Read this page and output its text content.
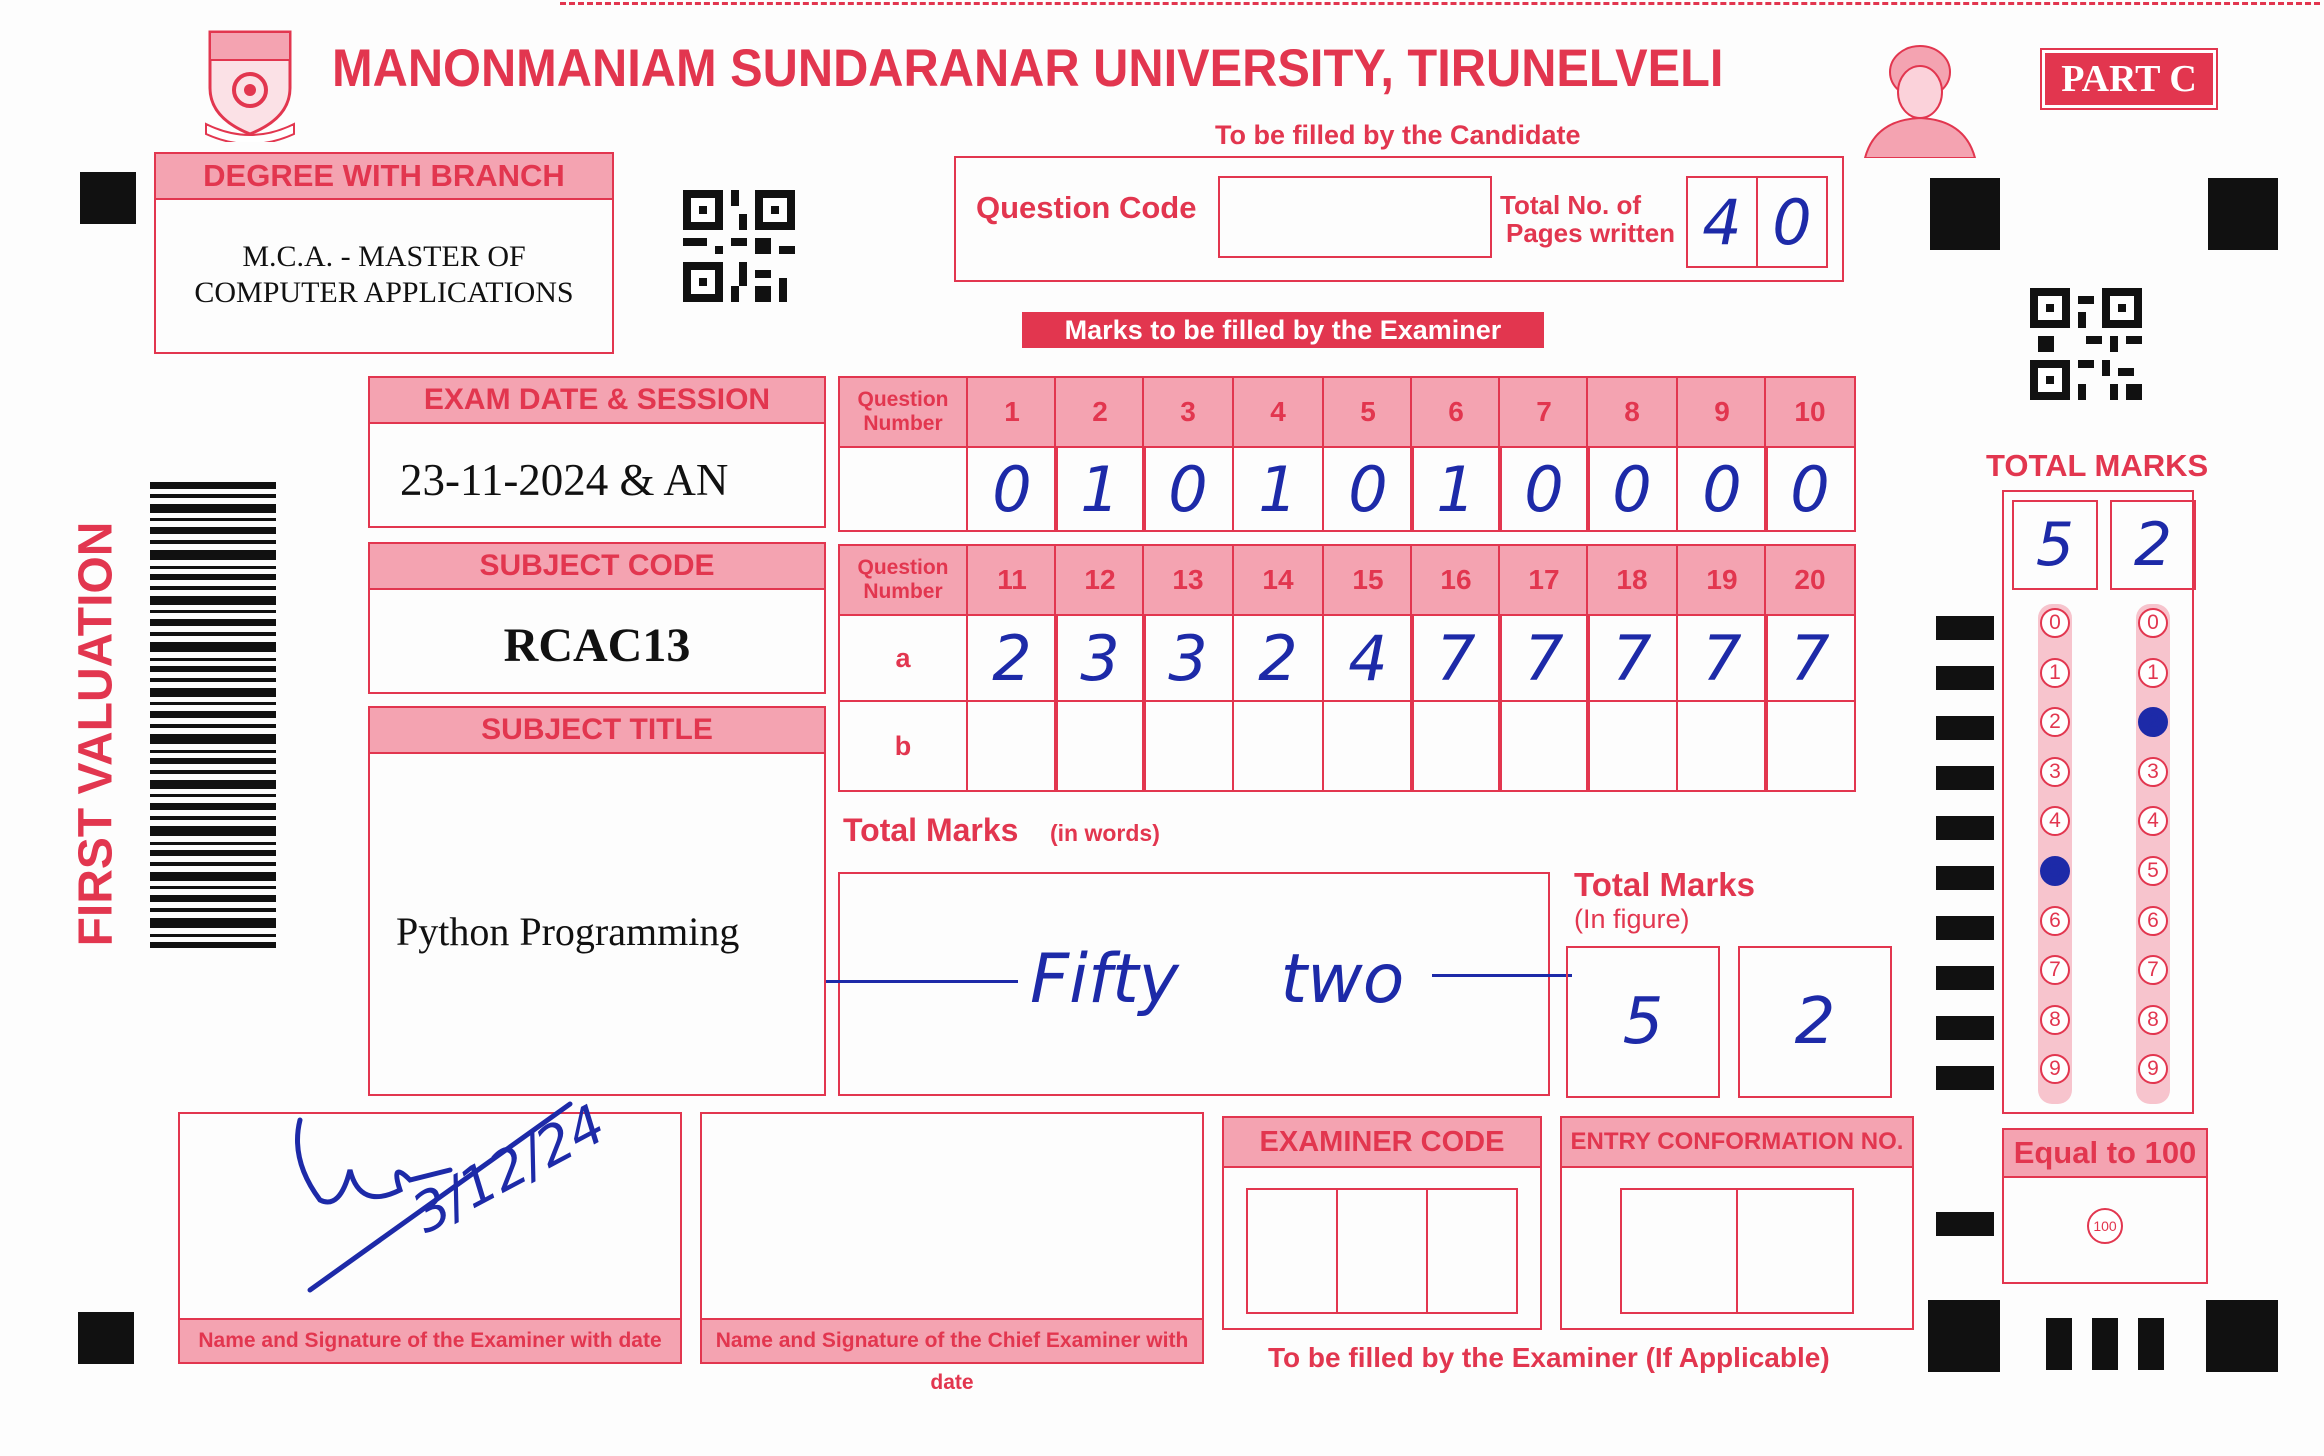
MANONMANIAM SUNDARANAR UNIVERSITY, TIRUNELVELI	PART C
To be filled by the Candidate
DEGREE WITH BRANCH
M.C.A. - MASTER OF
COMPUTER APPLICATIONS
Question Code	Total No. of
Pages written 4 0
Marks to be filled by the Examiner
FIRST VALUATION
EXAM DATE & SESSION
23-11-2024 & AN
SUBJECT CODE
RCAC13
SUBJECT TITLE
Python Programming
Question Number	1	2	3	4	5	6	7	8	9	10
0 1 0 1 0 1 0 0 0 0
Question Number	11	12	13	14	15	16	17	18	19	20
a	2 3 3 2 4 7 7 7 7 7
b
Total Marks (in words)
Fifty two
Total Marks
(In figure)
5	2
TOTAL MARKS
5 2
0
1
2
3
4
5
6
7
8
9
0
1
2
3
4
5
6
7
8
9
Equal to 100
100
Name and Signature of the Examiner with date
3/12/24
Name and Signature of the Chief Examiner with date
EXAMINER CODE	ENTRY CONFORMATION NO.
To be filled by the Examiner (If Applicable)
